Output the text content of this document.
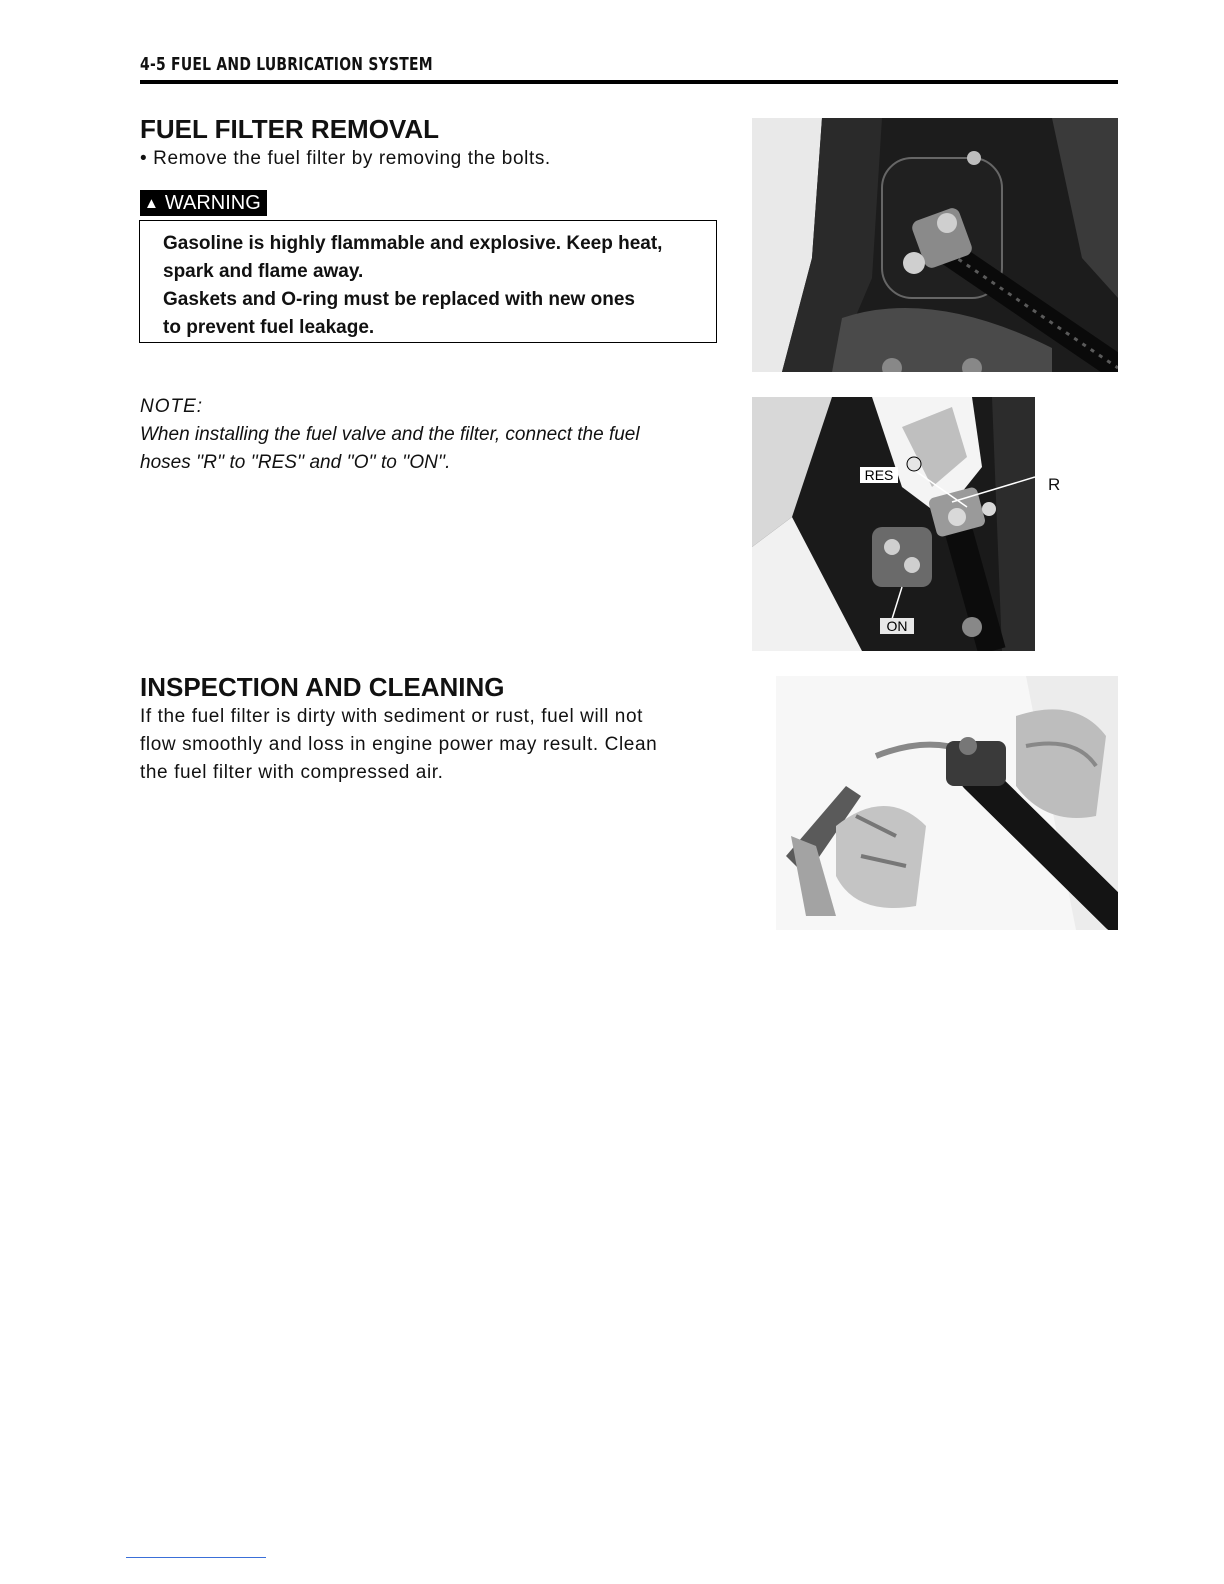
4-5 FUEL AND LUBRICATION SYSTEM
FUEL FILTER REMOVAL
• Remove the fuel filter by removing the bolts.
▲ WARNING
Gasoline is highly flammable and explosive. Keep heat,
spark and flame away.
Gaskets and O-ring must be replaced with new ones
to prevent fuel leakage.
NOTE:
When installing the fuel valve and the filter, connect the fuel
hoses ''R'' to ''RES'' and ''O'' to ''ON''.
INSPECTION AND CLEANING
If the fuel filter is dirty with sediment or rust, fuel will not
flow smoothly and loss in engine power may result. Clean
the fuel filter with compressed air.
RES
ON
R
